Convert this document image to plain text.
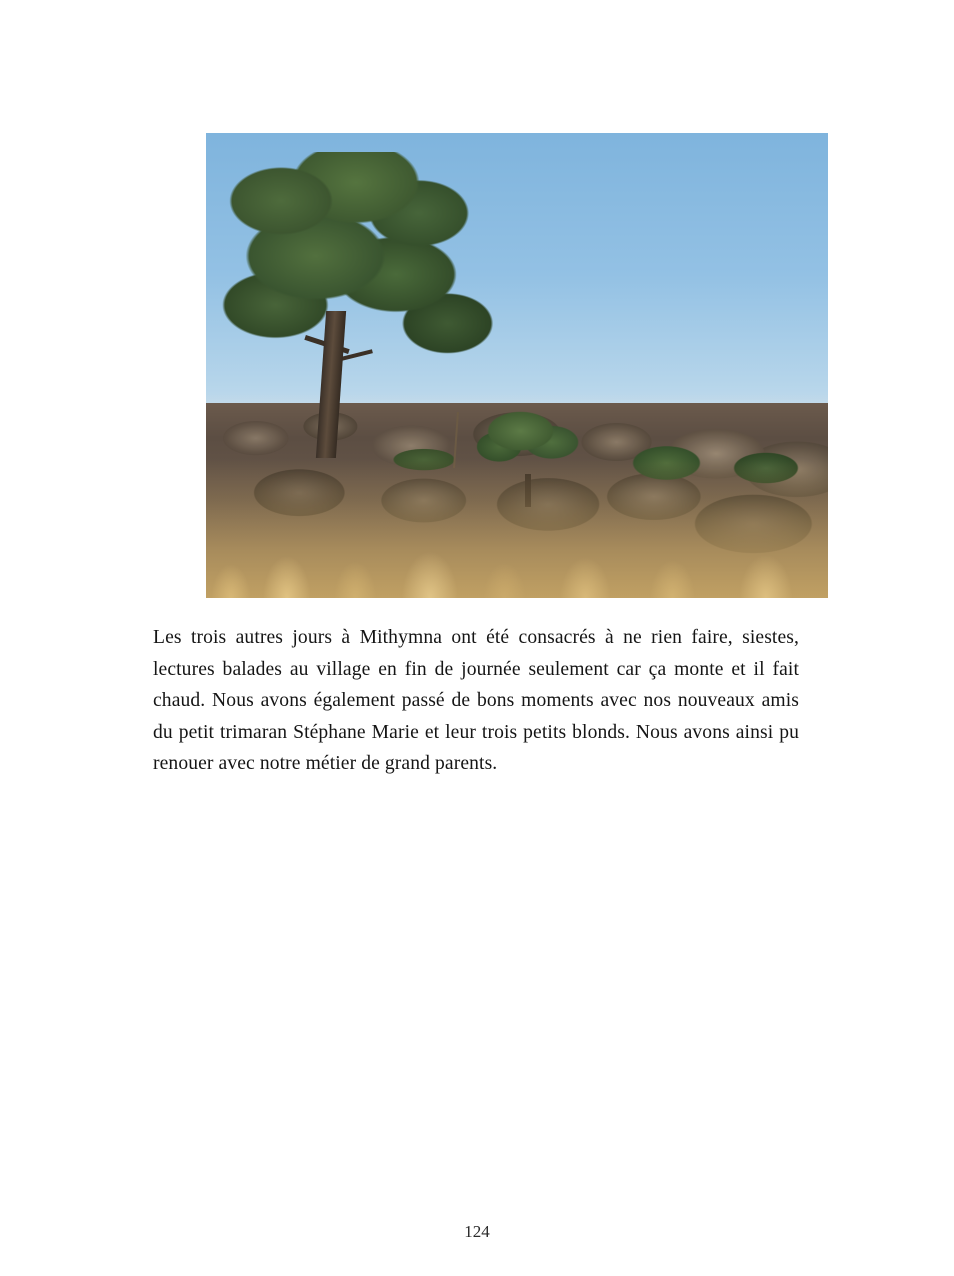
Les trois autres jours à Mithymna ont été consacrés à ne rien faire, siestes, lectures balades au village en fin de journée seulement car ça monte et il fait chaud. Nous avons également passé de bons moments avec nos nouveaux amis du petit trimaran Stéphane Marie et leur trois petits blonds. Nous avons ainsi pu renouer avec notre métier de grand parents.

124
